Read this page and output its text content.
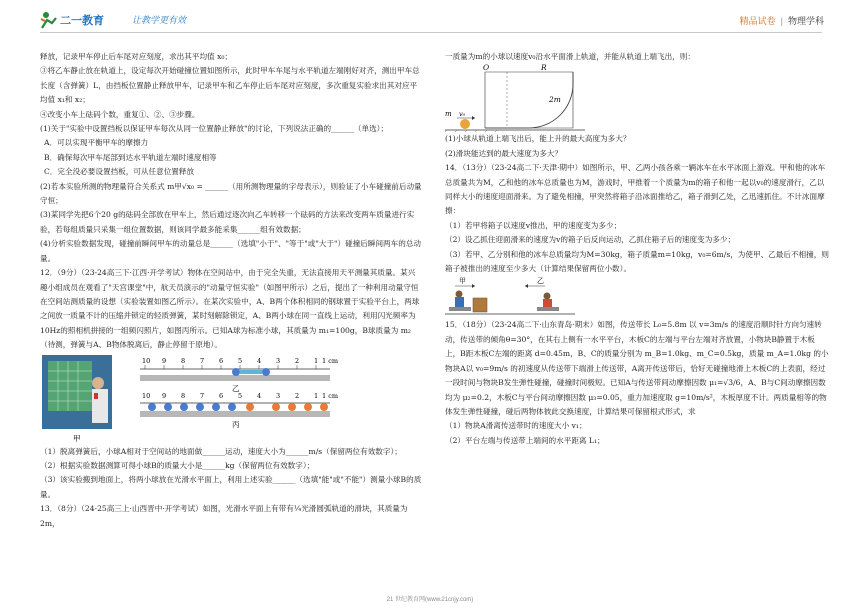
二一教育	让教学更有效	精品试卷 | 物理学科

释放，记录甲车停止后车尾对应刻度，求出其平均值 x₀；

③将乙车静止放在轨道上，设定每次开始碰撞位置如图所示，此时甲车车尾与水平轨道左端刚好对齐，测出甲车总长度（含弹簧）L，由挡板位置静止释放甲车，记录甲车和乙车停止后车尾对应刻度，多次重复实验求出其对应平均值 x₁和 x₂；

④改变小车上砝码个数，重复①、②、③步骤。

(1)关于"实验中设置挡板以保证甲车每次从同一位置静止释放"的讨论，下列说法正确的______（单选）；

A．可以实现平衡甲车的摩擦力

B．确保每次甲车尾部到达水平轨道左端时速度相等

C．完全没必要设置挡板，可从任意位置释放

(2)若本实验所测的物理量符合关系式 m甲√x₀ = ______（用所测物理量的字母表示），则验证了小车碰撞前后动量守恒；

(3)某同学先把6个20 g的砝码全部放在甲车上，然后通过逐次向乙车转移一个砝码的方法来改变两车质量进行实验，若每组质量只采集一组位置数据，则该同学最多能采集______组有效数据；

(4)分析实验数据发现，碰撞前瞬间甲车的动量总是______（选填"小于"、"等于"或"大于"）碰撞后瞬间两车的总动量。

12．（9分）（23-24高三下·江西·开学考试）物体在空间站中，由于完全失重，无法直接用天平测量其质量。某兴趣小组成员在观看了"天宫课堂"中，航天员演示的"动量守恒实验"（如图甲所示）之后，提出了一种利用动量守恒在空间站测质量的设想（实验装置如图乙所示）。在某次实验中，A、B两个体积相同的钢球置于实验平台上，两球之间放一质量不计的压缩并锁定的轻质弹簧，某时刻解除锁定，A、B两小球在同一直线上运动，利用闪光频率为10Hz的照相机拼接的一组频闪照片，如图丙所示。已知A球为标准小球，其质量为 m₁=100g，B球质量为 m₂（待测，弹簧与A、B物体脱离后，静止停留于原地）。

甲
10 9 8 7 6 5 4 3 2 1 1 cm
乙
10 9 8 7 6 5 4 3 2 1 1 cm
丙

（1）脱离弹簧后，小球A相对于空间站的地面做______运动，速度大小为______m/s（保留两位有效数字）；

（2）根据实验数据测算可得小球B的质量大小是______kg（保留两位有效数字）；

（3）该实验搬到地面上，将两小球放在光滑水平面上，利用上述实验______（选填"能"或"不能"）测量小球B的质量。

13．（8分）（24-25高三上·山西晋中·开学考试）如图，光滑水平面上有带有¼光滑圆弧轨道的滑块，其质量为2m，

一质量为m的小球以速度v₀沿水平面滑上轨道，并能从轨道上端飞出，则：

O	R
2m
m v₀

(1)小球从轨道上端飞出后，能上升的最大高度为多大？

(2)滑块能达到的最大速度为多大？

14．（13分）（23-24高二下·天津·期中）如图所示，甲、乙两小孩各乘一辆冰车在水平冰面上游戏。甲和他的冰车总质量共为M，乙和他的冰车总质量也为M，游戏时，甲推着一个质量为m的箱子和他一起以v₀的速度滑行，乙以同样大小的速度迎面滑来。为了避免相撞，甲突然将箱子沿冰面推给乙，箱子滑到乙处，乙迅速抓住。不计冰面摩擦：

（1）若甲将箱子以速度v推出，甲的速度变为多少；

（2）设乙抓住迎面滑来的速度为v的箱子后反向运动，乙抓住箱子后的速度变为多少；

（3）若甲、乙分别和他的冰车总质量均为M=30kg，箱子质量m=10kg，v₀=6m/s，为使甲、乙最后不相撞，则箱子被推出的速度至少多大（计算结果保留两位小数）。

甲	乙

15．（18分）（23-24高二下·山东青岛·期末）如图，传送带长 L₀=5.8m 以 v=3m/s 的速度沿顺时针方向匀速转动，传送带的倾角θ=30°，在其右上侧有一水平平台，木板C的左端与平台左端对齐放置，小物块B静置于木板上，B距木板C左端的距离 d=0.45m，B、C的质量分别为 m_B=1.0kg、m_C=0.5kg，质量 m_A=1.0kg 的小物块A以 v₀=9m/s 的初速度从传送带下端滑上传送带，A离开传送带后，恰好无碰撞地滑上木板C的上表面，经过一段时间与物块B发生弹性碰撞，碰撞时间极短。已知A与传送带间动摩擦因数 μ₁=√3/6，A、B与C间动摩擦因数均为 μ₂=0.2，木板C与平台间动摩擦因数 μ₃=0.05，重力加速度取 g=10m/s²，木板厚度不计。两质量相等的物体发生弹性碰撞，碰后两物体彼此交换速度，计算结果可保留根式形式，求

（1）物块A滑离传送带时的速度大小 v₁；

（2）平台左端与传送带上端间的水平距离 L₁；

21 世纪教育网(www.21cnjy.com)
